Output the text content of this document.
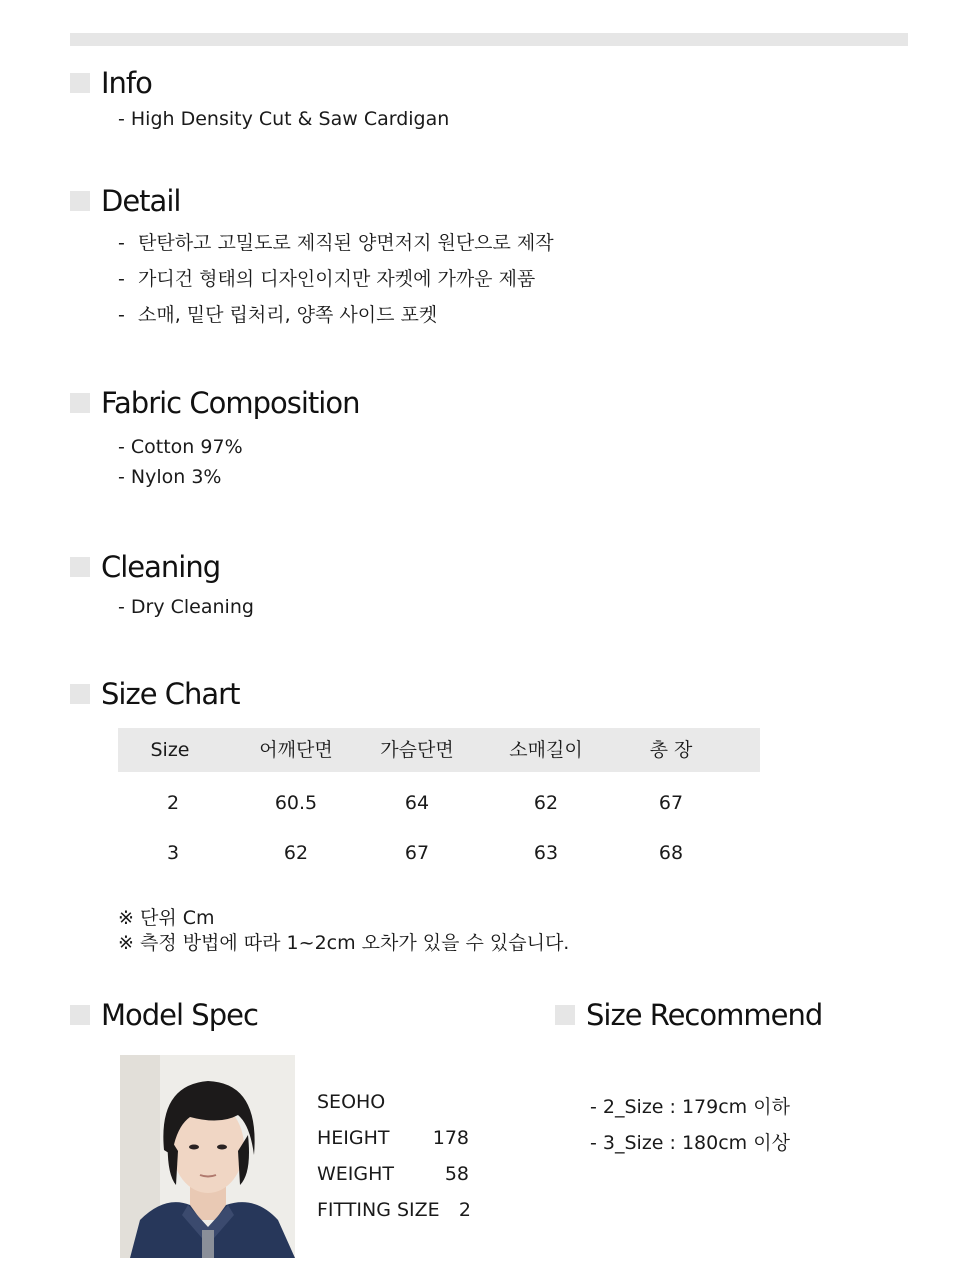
Info
- High Density Cut & Saw Cardigan
Detail
- 탄탄하고 고밀도로 제직된 양면저지 원단으로 제작
- 가디건 형태의 디자인이지만 자켓에 가까운 제품
- 소매, 밑단 립처리, 양쪽 사이드 포켓
Fabric Composition
- Cotton 97%
- Nylon 3%
Cleaning
- Dry Cleaning
Size Chart
Size	어깨단면	가슴단면	소매길이	총 장
2	60.5	64	62	67
3	62	67	63	68
※ 단위 Cm
※ 측정 방법에 따라 1~2cm 오차가 있을 수 있습니다.
Model Spec
SEOHO
HEIGHT	178
WEIGHT	58
FITTING SIZE	2
Size Recommend
- 2_Size : 179cm 이하
- 3_Size : 180cm 이상
